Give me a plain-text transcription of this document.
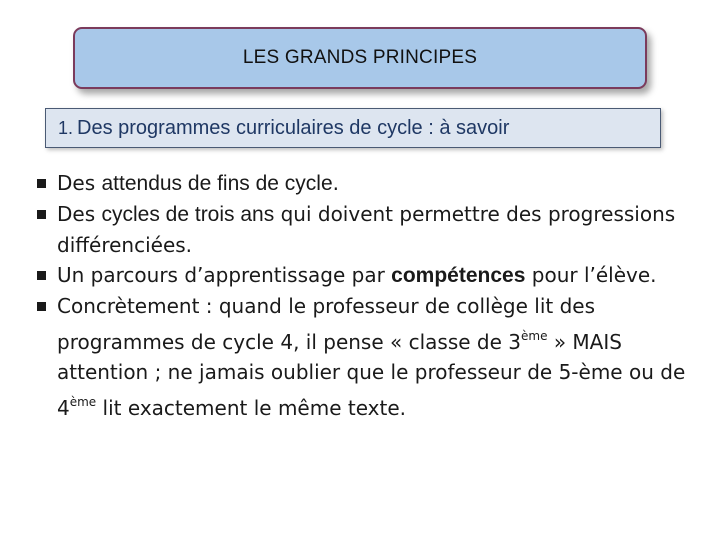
LES GRANDS PRINCIPES
1. Des programmes curriculaires de cycle : à savoir
Des attendus de fins de cycle.
Des cycles de trois ans qui doivent permettre des progressions différenciées.
Un parcours d’apprentissage par compétences pour l’élève.
Concrètement : quand le professeur de collège lit des programmes de cycle 4, il pense « classe de 3ème » MAIS attention ; ne jamais oublier que le professeur de 5-ème ou de 4ème lit exactement le même texte.
